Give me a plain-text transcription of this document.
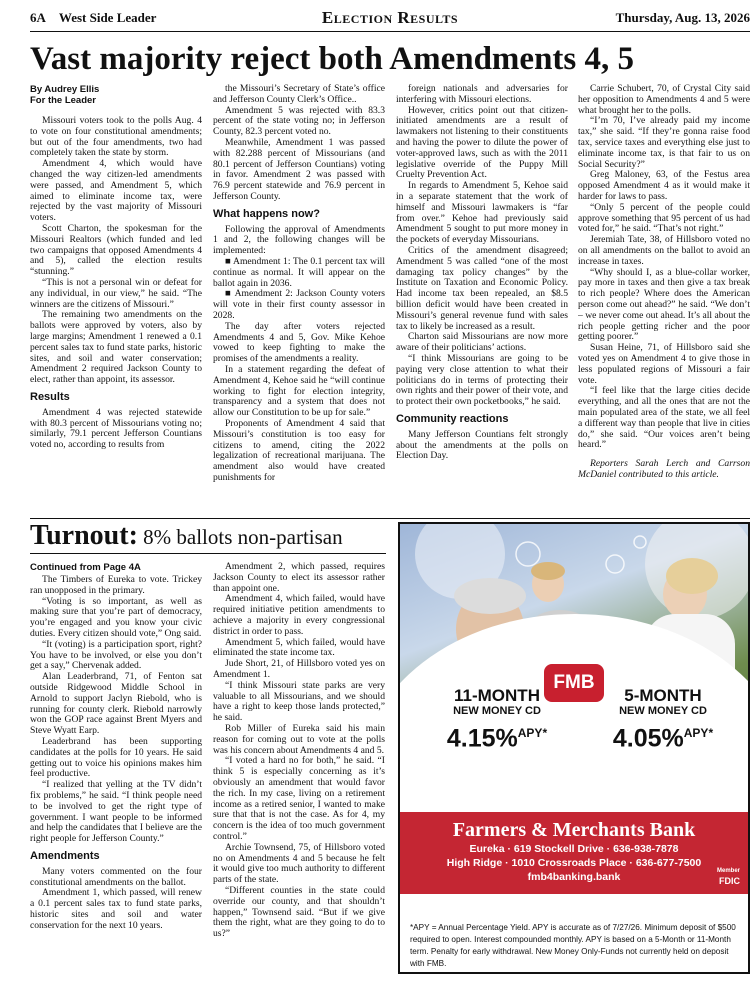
6A West Side Leader	Election Results	Thursday, Aug. 13, 2026
Vast majority reject both Amendments 4, 5

By Audrey Ellis

For the Leader

Missouri voters took to the polls Aug. 4 to vote on four constitutional amendments; but out of the four amendments, two had completely taken the state by storm.

Amendment 4, which would have changed the way citizen-led amendments were passed, and Amendment 5, which aimed to eliminate income tax, were rejected by the vast majority of Missouri voters.

Scott Charton, the spokesman for the Missouri Realtors (which funded and led two campaigns that opposed Amendments 4 and 5), called the election results “stunning.”

“This is not a personal win or defeat for any individual, in our view,” he said. “The winners are the citizens of Missouri.”

The remaining two amendments on the ballots were approved by voters, also by large margins; Amendment 1 renewed a 0.1 percent sales tax to fund state parks, historic sites, and soil and water conservation; Amendment 2 required Jackson County to elect, rather than appoint, its assessor.

Results

Amendment 4 was rejected statewide with 80.3 percent of Missourians voting no; similarly, 79.1 percent Jefferson Countians voted no, according to results from

the Missouri’s Secretary of State’s office and Jefferson County Clerk’s Office..

Amendment 5 was rejected with 83.3 percent of the state voting no; in Jefferson County, 82.3 percent voted no.

Meanwhile, Amendment 1 was passed with 82.288 percent of Missourians (and 80.1 percent of Jefferson Countians) voting in favor. Amendment 2 was passed with 76.9 percent statewide and 76.9 percent in Jefferson County.

What happens now?

Following the approval of Amendments 1 and 2, the following changes will be implemented:

■ Amendment 1: The 0.1 percent tax will continue as normal. It will appear on the ballot again in 2036.

■ Amendment 2: Jackson County voters will vote in their first county assessor in 2028.

The day after voters rejected Amendments 4 and 5, Gov. Mike Kehoe vowed to keep fighting to make the promises of the amendments a reality.

In a statement regarding the defeat of Amendment 4, Kehoe said he “will continue working to fight for election integrity, transparency and a system that does not allow our Constitution to be up for sale.”

Proponents of Amendment 4 said that Missouri’s constitution is too easy for citizens to amend, citing the 2022 legalization of recreational marijuana. The amendment also would have created punishments for

foreign nationals and adversaries for interfering with Missouri elections.

However, critics point out that citizen-initiated amendments are a result of lawmakers not listening to their constituents and having the power to dilute the power of voter-approved laws, such as with the 2011 legislative override of the Puppy Mill Cruelty Prevention Act.

In regards to Amendment 5, Kehoe said in a separate statement that the work of himself and Missouri lawmakers is “far from over.” Kehoe had previously said Amendment 5 sought to put more money in the pockets of everyday Missourians.

Critics of the amendment disagreed; Amendment 5 was called “one of the most damaging tax policy changes” by the Institute on Taxation and Economic Policy. Had income tax been repealed, an $8.5 billion deficit would have been created in Missouri’s general revenue fund with sales tax to likely be increased as a result.

Charton said Missourians are now more aware of their politicians’ actions.

“I think Missourians are going to be paying very close attention to what their politicians do in terms of protecting their own rights and their power of their vote, and to protect their own pocketbooks,” he said.

Community reactions

Many Jefferson Countians felt strongly about the amendments at the polls on Election Day.

Carrie Schubert, 70, of Crystal City said her opposition to Amendments 4 and 5 were what brought her to the polls.

“I’m 70, I’ve already paid my income tax,” she said. “If they’re gonna raise food tax, service taxes and everything else just to eliminate income tax, is that fair to us on Social Security?”

Greg Maloney, 63, of the Festus area opposed Amendment 4 as it would make it harder for laws to pass.

“Only 5 percent of the people could approve something that 95 percent of us had voted for,” he said. “That’s not right.”

Jeremiah Tate, 38, of Hillsboro voted no on all amendments on the ballot to avoid an increase in taxes.

“Why should I, as a blue-collar worker, pay more in taxes and then give a tax break to rich people? Where does the American person come out ahead?” he said. “We don’t – we never come out ahead. It’s all about the rich people getting richer and the poor getting poorer.”

Susan Heine, 71, of Hillsboro said she voted yes on Amendment 4 to give those in less populated regions of Missouri a fair vote.

“I feel like that the large cities decide everything, and all the ones that are not the main populated area of the state, we all feel a different way than people that live in cities do,” she said. “Our voices aren’t being heard.”

Reporters Sarah Lerch and Carrson McDaniel contributed to this article.

Turnout: 8% ballots non-partisan

Continued from Page 4A

The Timbers of Eureka to vote. Trickey ran unopposed in the primary.

“Voting is so important, as well as making sure that you’re part of democracy, you’re engaged and you know your civic duties. Every citizen should vote,” Ong said.

“It (voting) is a participation sport, right? You have to be involved, or else you don’t get a say,” Chervenak added.

Alan Leaderbrand, 71, of Fenton sat outside Ridgewood Middle School in Arnold to support Jaclyn Riebold, who is running for county clerk. Riebold narrowly won the GOP race against Brent Myers and Steve Wyatt Earp.

Leaderbrand has been supporting candidates at the polls for 10 years. He said getting out to voice his opinions makes him feel productive.

“I realized that yelling at the TV didn’t fix problems,” he said. “I think people need to be involved to get the right type of government. I want people to be informed and help the candidates that I believe are the right people for Jefferson County.”

Amendments

Many voters commented on the four constitutional amendments on the ballot.

Amendment 1, which passed, will renew a 0.1 percent sales tax to fund state parks, historic sites and soil and water conservation for the next 10 years.

Amendment 2, which passed, requires Jackson County to elect its assessor rather than appoint one.

Amendment 4, which failed, would have required initiative petition amendments to achieve a majority in every congressional district in order to pass.

Amendment 5, which failed, would have eliminated the state income tax.

Jude Short, 21, of Hillsboro voted yes on Amendment 1.

“I think Missouri state parks are very valuable to all Missourians, and we should have a right to keep those lands protected,” he said.

Rob Miller of Eureka said his main reason for coming out to vote at the polls was his concern about Amendments 4 and 5.

“I voted a hard no for both,” he said. “I think 5 is especially concerning as it’s obviously an amendment that would favor the rich. In my case, living on a retirement income as a retired senior, I wanted to make sure that that is not the case. As for 4, my concern is the idea of too much government control.”

Archie Townsend, 75, of Hillsboro voted no on Amendments 4 and 5 because he felt it would give too much authority to different parts of the state.

“Different counties in the state could override our county, and that shouldn’t happen,” Townsend said. “But if we give them the right, what are they going to do to us?”

FMB
11-MONTH
NEW MONEY CD
4.15%$^{APY*}$
5-MONTH
NEW MONEY CD
4.05%$^{APY*}$
Farmers & Merchants Bank
Eureka · 619 Stockell Drive · 636-938-7878
High Ridge · 1010 Crossroads Place · 636-677-7500
fmb4banking.bank	Member
FDIC
*APY = Annual Percentage Yield. APY is accurate as of 7/27/26. Minimum deposit of $500 required to open. Interest compounded monthly. APY is based on a 5-Month or 11-Month term. Penalty for early withdrawal. New Money Only-Funds not currently held on deposit with FMB.
